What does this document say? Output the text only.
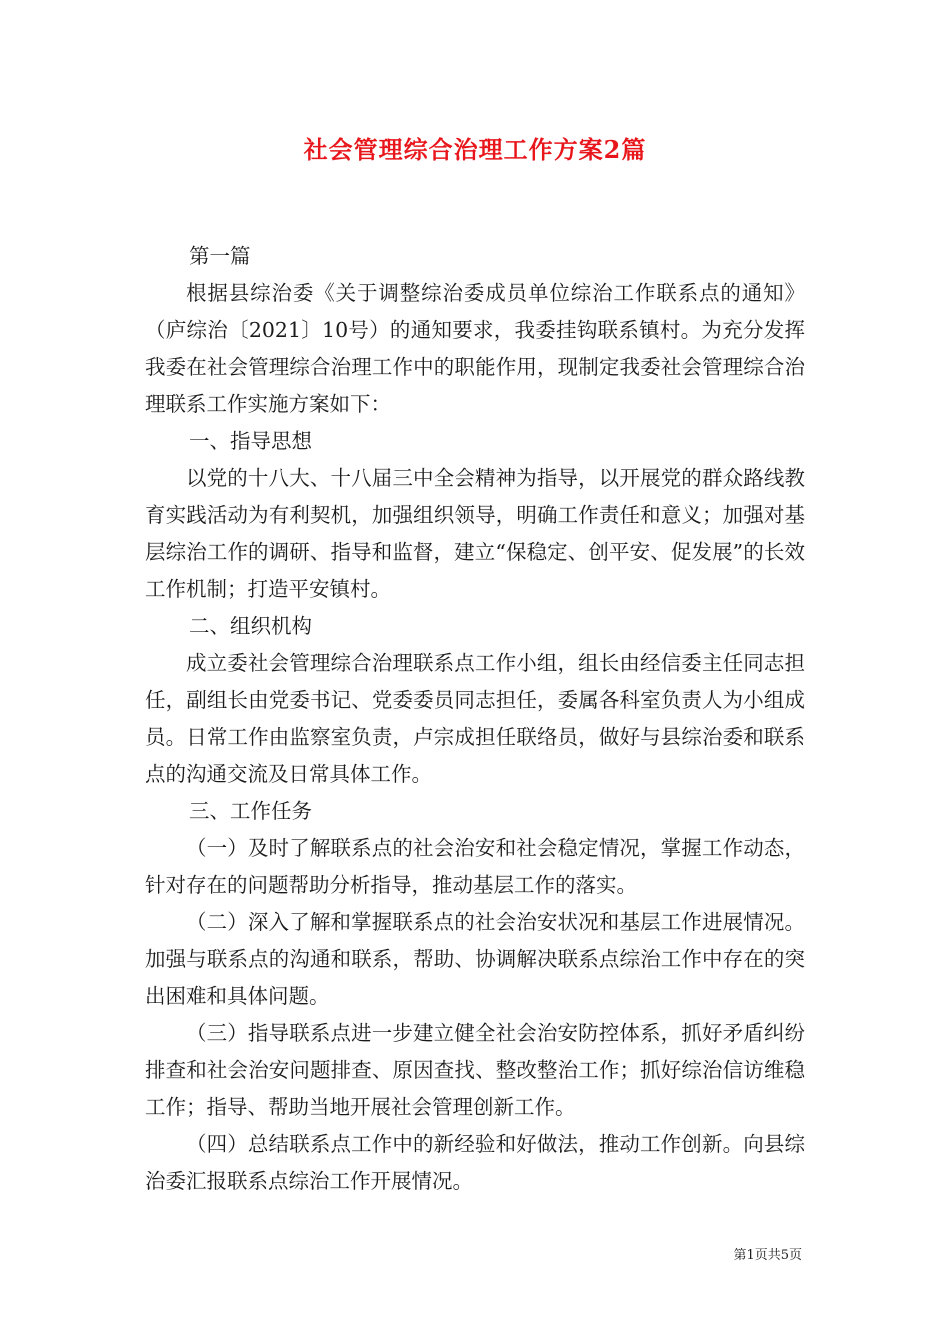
社会管理综合治理工作方案2篇

第一篇

根据县综治委《关于调整综治委成员单位综治工作联系点的通知》（庐综治〔2021〕10号）的通知要求，我委挂钩联系镇村。为充分发挥我委在社会管理综合治理工作中的职能作用，现制定我委社会管理综合治理联系工作实施方案如下：

一、指导思想

以党的十八大、十八届三中全会精神为指导，以开展党的群众路线教育实践活动为有利契机，加强组织领导，明确工作责任和意义；加强对基层综治工作的调研、指导和监督，建立“保稳定、创平安、促发展”的长效工作机制；打造平安镇村。

二、组织机构

成立委社会管理综合治理联系点工作小组，组长由经信委主任同志担任，副组长由党委书记、党委委员同志担任，委属各科室负责人为小组成员。日常工作由监察室负责，卢宗成担任联络员，做好与县综治委和联系点的沟通交流及日常具体工作。

三、工作任务

（一）及时了解联系点的社会治安和社会稳定情况，掌握工作动态，针对存在的问题帮助分析指导，推动基层工作的落实。

（二）深入了解和掌握联系点的社会治安状况和基层工作进展情况。加强与联系点的沟通和联系，帮助、协调解决联系点综治工作中存在的突出困难和具体问题。

（三）指导联系点进一步建立健全社会治安防控体系，抓好矛盾纠纷排查和社会治安问题排查、原因查找、整改整治工作；抓好综治信访维稳工作；指导、帮助当地开展社会管理创新工作。

（四）总结联系点工作中的新经验和好做法，推动工作创新。向县综治委汇报联系点综治工作开展情况。

第1页共5页
